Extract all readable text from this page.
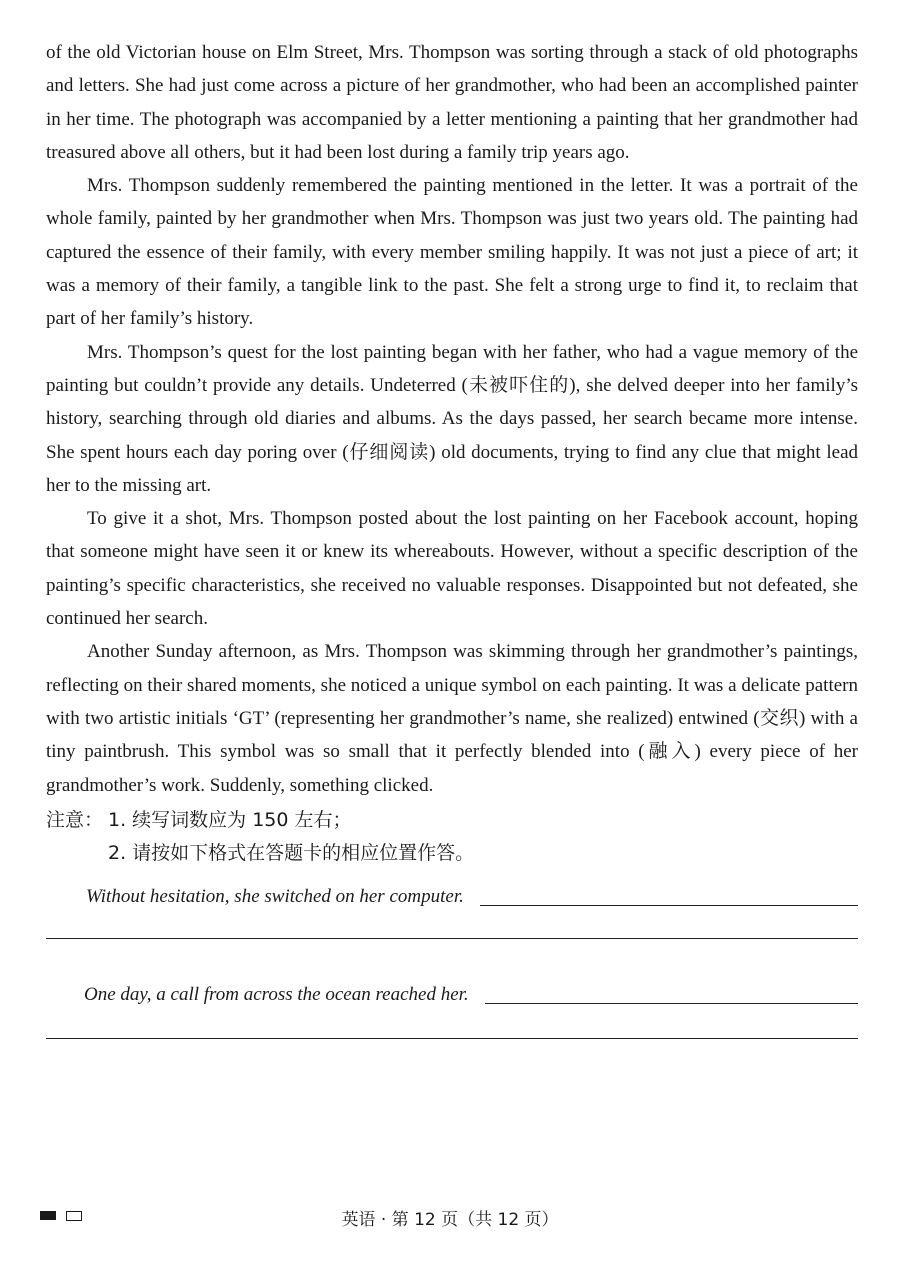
of the old Victorian house on Elm Street, Mrs. Thompson was sorting through a stack of old photographs and letters. She had just come across a picture of her grandmother, who had been an accomplished painter in her time. The photograph was accompanied by a letter mentioning a painting that her grandmother had treasured above all others, but it had been lost during a family trip years ago.

Mrs. Thompson suddenly remembered the painting mentioned in the letter. It was a portrait of the whole family, painted by her grandmother when Mrs. Thompson was just two years old. The painting had captured the essence of their family, with every member smiling happily. It was not just a piece of art; it was a memory of their family, a tangible link to the past. She felt a strong urge to find it, to reclaim that part of her family’s history.

Mrs. Thompson’s quest for the lost painting began with her father, who had a vague memory of the painting but couldn’t provide any details. Undeterred (未被吓住的), she delved deeper into her family’s history, searching through old diaries and albums. As the days passed, her search became more intense. She spent hours each day poring over (仔细阅读) old documents, trying to find any clue that might lead her to the missing art.

To give it a shot, Mrs. Thompson posted about the lost painting on her Facebook account, hoping that someone might have seen it or knew its whereabouts. However, without a specific description of the painting’s specific characteristics, she received no valuable responses. Disappointed but not defeated, she continued her search.

Another Sunday afternoon, as Mrs. Thompson was skimming through her grandmother’s paintings, reflecting on their shared moments, she noticed a unique symbol on each painting. It was a delicate pattern with two artistic initials ‘GT’ (representing her grandmother’s name, she realized) entwined (交织) with a tiny paintbrush. This symbol was so small that it perfectly blended into (融入) every piece of her grandmother’s work. Suddenly, something clicked.

注意： 1. 续写词数应为 150 左右；
2. 请按如下格式在答题卡的相应位置作答。
Without hesitation, she switched on her computer.
One day, a call from across the ocean reached her.
英语 · 第 12 页（共 12 页）
